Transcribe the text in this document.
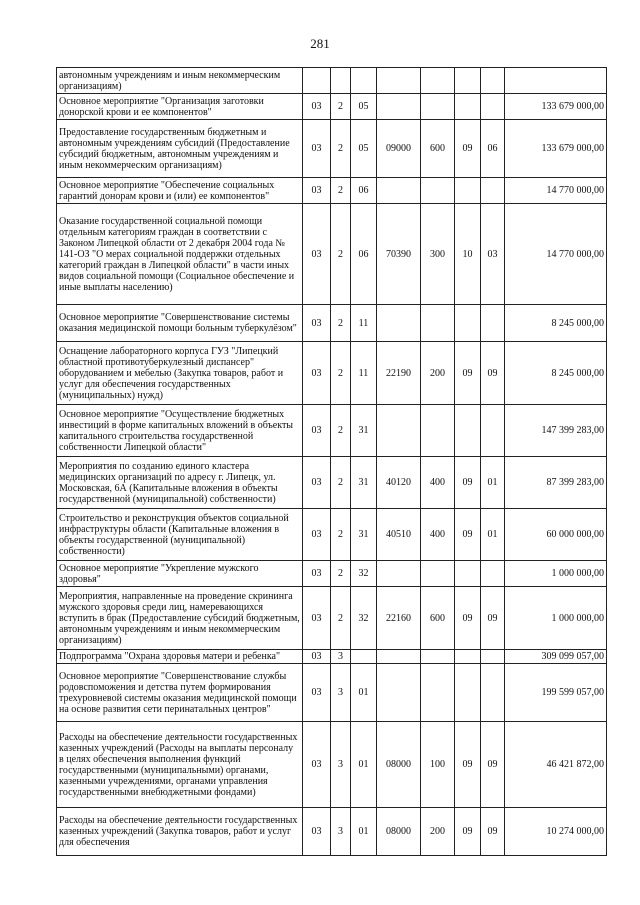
281
автономным учреждениям и иным некоммерческим организациям)								
Основное мероприятие "Организация заготовки донорской крови и ее компонентов"	03	2	05					133 679 000,00
Предоставление государственным бюджетным и автономным учреждениям субсидий (Предоставление субсидий бюджетным, автономным учреждениям и иным некоммерческим организациям)	03	2	05	09000	600	09	06	133 679 000,00
Основное мероприятие "Обеспечение социальных гарантий донорам крови и (или) ее компонентов"	03	2	06					14 770 000,00
Оказание государственной социальной помощи отдельным категориям граждан в соответствии с Законом Липецкой области от 2 декабря 2004 года № 141-ОЗ "О мерах социальной поддержки отдельных категорий граждан в Липецкой области" в части иных видов социальной помощи (Социальное обеспечение и иные выплаты населению)	03	2	06	70390	300	10	03	14 770 000,00
Основное мероприятие "Совершенствование системы оказания медицинской помощи больным туберкулёзом"	03	2	11					8 245 000,00
Оснащение лабораторного корпуса ГУЗ "Липецкий областной противотуберкулезный диспансер" оборудованием и мебелью (Закупка товаров, работ и услуг для обеспечения государственных (муниципальных) нужд)	03	2	11	22190	200	09	09	8 245 000,00
Основное мероприятие "Осуществление бюджетных инвестиций в форме капитальных вложений в объекты капитального строительства государственной собственности Липецкой области"	03	2	31					147 399 283,00
Мероприятия по созданию единого кластера медицинских организаций по адресу г. Липецк, ул. Московская, 6А (Капитальные вложения в объекты государственной (муниципальной) собственности)	03	2	31	40120	400	09	01	87 399 283,00
Строительство и реконструкция объектов социальной инфраструктуры области (Капитальные вложения в объекты государственной (муниципальной) собственности)	03	2	31	40510	400	09	01	60 000 000,00
Основное мероприятие "Укрепление мужского здоровья"	03	2	32					1 000 000,00
Мероприятия, направленные на проведение скрининга мужского здоровья среди лиц, намеревающихся вступить в брак (Предоставление субсидий бюджетным, автономным учреждениям и иным некоммерческим организациям)	03	2	32	22160	600	09	09	1 000 000,00
Подпрограмма "Охрана здоровья матери и ребенка"	03	3						309 099 057,00
Основное мероприятие "Совершенствование службы родовспоможения и детства путем формирования трехуровневой системы оказания медицинской помощи на основе развития сети перинатальных центров"	03	3	01					199 599 057,00
Расходы на обеспечение деятельности государственных казенных учреждений (Расходы на выплаты персоналу в целях обеспечения выполнения функций государственными (муниципальными) органами, казенными учреждениями, органами управления государственными внебюджетными фондами)	03	3	01	08000	100	09	09	46 421 872,00
Расходы на обеспечение деятельности государственных казенных учреждений (Закупка товаров, работ и услуг для обеспечения	03	3	01	08000	200	09	09	10 274 000,00
